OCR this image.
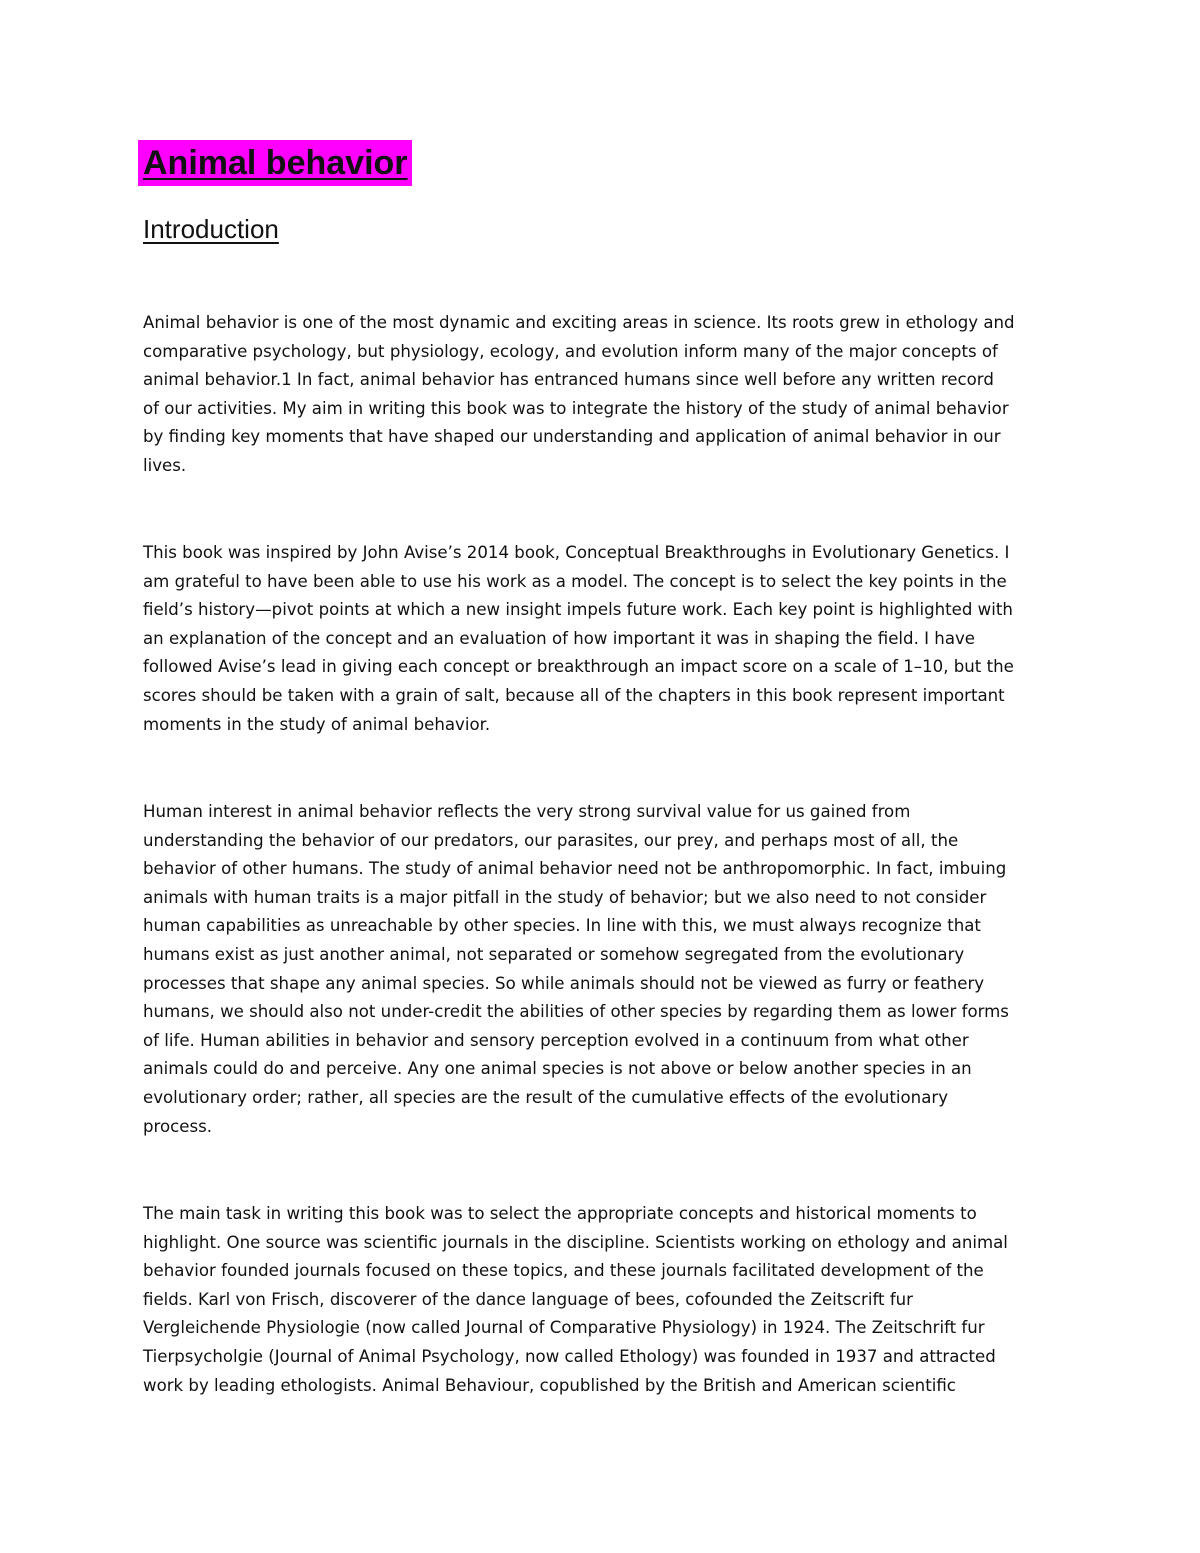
Animal behavior
Introduction
Animal behavior is one of the most dynamic and exciting areas in science. Its roots grew in ethology and
comparative psychology, but physiology, ecology, and evolution inform many of the major concepts of
animal behavior.1 In fact, animal behavior has entranced humans since well before any written record
of our activities. My aim in writing this book was to integrate the history of the study of animal behavior
by finding key moments that have shaped our understanding and application of animal behavior in our
lives.
This book was inspired by John Avise’s 2014 book, Conceptual Breakthroughs in Evolutionary Genetics. I
am grateful to have been able to use his work as a model. The concept is to select the key points in the
field’s history—pivot points at which a new insight impels future work. Each key point is highlighted with
an explanation of the concept and an evaluation of how important it was in shaping the field. I have
followed Avise’s lead in giving each concept or breakthrough an impact score on a scale of 1–10, but the
scores should be taken with a grain of salt, because all of the chapters in this book represent important
moments in the study of animal behavior.
Human interest in animal behavior reflects the very strong survival value for us gained from
understanding the behavior of our predators, our parasites, our prey, and perhaps most of all, the
behavior of other humans. The study of animal behavior need not be anthropomorphic. In fact, imbuing
animals with human traits is a major pitfall in the study of behavior; but we also need to not consider
human capabilities as unreachable by other species. In line with this, we must always recognize that
humans exist as just another animal, not separated or somehow segregated from the evolutionary
processes that shape any animal species. So while animals should not be viewed as furry or feathery
humans, we should also not under-credit the abilities of other species by regarding them as lower forms
of life. Human abilities in behavior and sensory perception evolved in a continuum from what other
animals could do and perceive. Any one animal species is not above or below another species in an
evolutionary order; rather, all species are the result of the cumulative effects of the evolutionary
process.
The main task in writing this book was to select the appropriate concepts and historical moments to
highlight. One source was scientific journals in the discipline. Scientists working on ethology and animal
behavior founded journals focused on these topics, and these journals facilitated development of the
fields. Karl von Frisch, discoverer of the dance language of bees, cofounded the Zeitscrift fur
Vergleichende Physiologie (now called Journal of Comparative Physiology) in 1924. The Zeitschrift fur
Tierpsycholgie (Journal of Animal Psychology, now called Ethology) was founded in 1937 and attracted
work by leading ethologists. Animal Behaviour, copublished by the British and American scientific
